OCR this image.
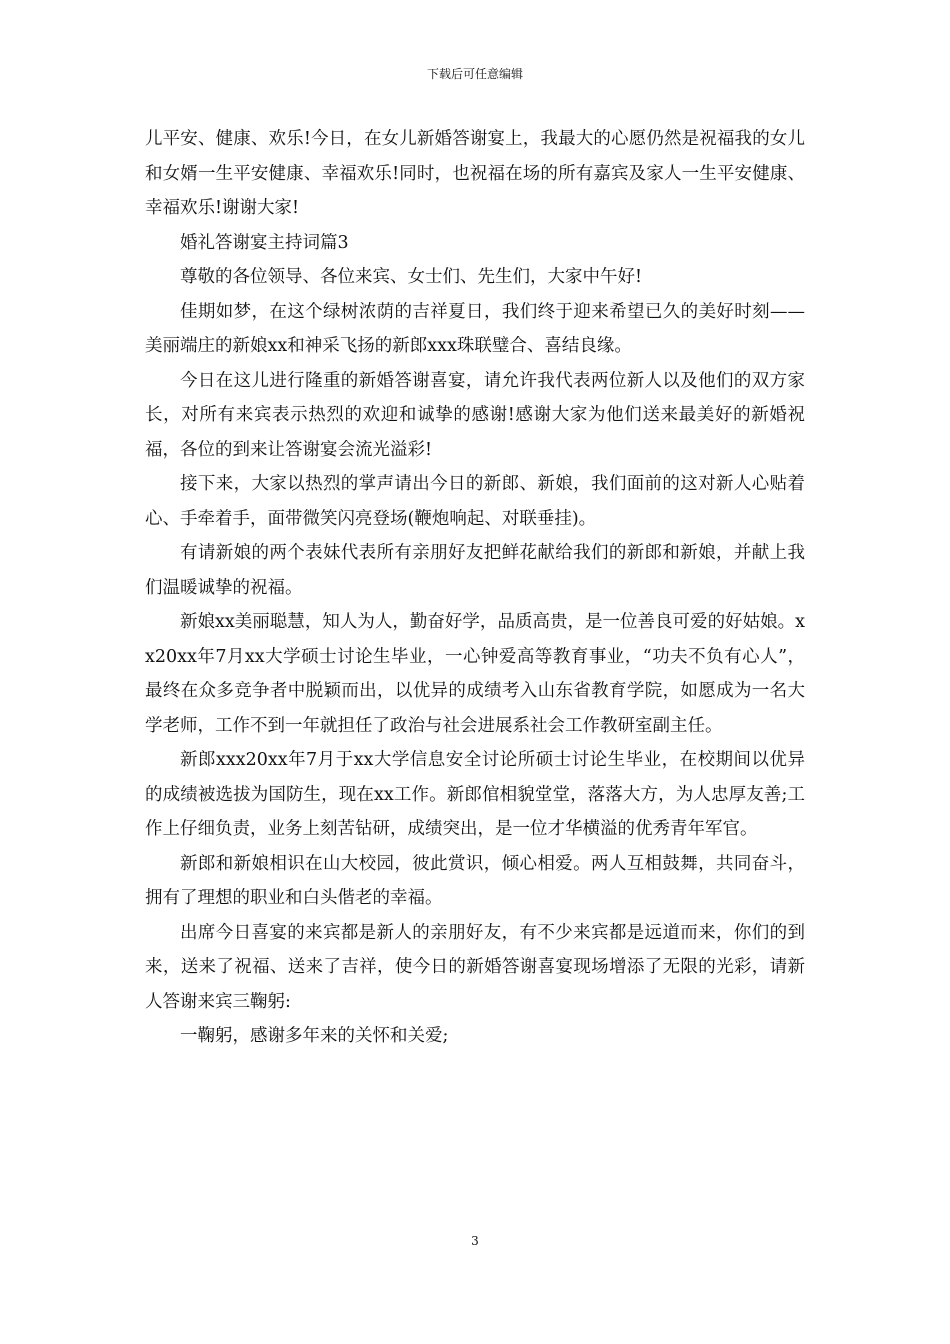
下载后可任意编辑

儿平安、健康、欢乐!今日，在女儿新婚答谢宴上，我最大的心愿仍然是祝福我的女儿和女婿一生平安健康、幸福欢乐!同时，也祝福在场的所有嘉宾及家人一生平安健康、幸福欢乐!谢谢大家!

婚礼答谢宴主持词篇3

尊敬的各位领导、各位来宾、女士们、先生们，大家中午好!

佳期如梦，在这个绿树浓荫的吉祥夏日，我们终于迎来希望已久的美好时刻——美丽端庄的新娘xx和神采飞扬的新郎xxx珠联璧合、喜结良缘。

今日在这儿进行隆重的新婚答谢喜宴，请允许我代表两位新人以及他们的双方家长，对所有来宾表示热烈的欢迎和诚挚的感谢!感谢大家为他们送来最美好的新婚祝福，各位的到来让答谢宴会流光溢彩!

接下来，大家以热烈的掌声请出今日的新郎、新娘，我们面前的这对新人心贴着心、手牵着手，面带微笑闪亮登场(鞭炮响起、对联垂挂)。

有请新娘的两个表妹代表所有亲朋好友把鲜花献给我们的新郎和新娘，并献上我们温暖诚挚的祝福。

新娘xx美丽聪慧，知人为人，勤奋好学，品质高贵，是一位善良可爱的好姑娘。xx20xx年7月xx大学硕士讨论生毕业，一心钟爱高等教育事业，“功夫不负有心人”，最终在众多竞争者中脱颖而出，以优异的成绩考入山东省教育学院，如愿成为一名大学老师，工作不到一年就担任了政治与社会进展系社会工作教研室副主任。

新郎xxx20xx年7月于xx大学信息安全讨论所硕士讨论生毕业，在校期间以优异的成绩被选拔为国防生，现在xx工作。新郎倌相貌堂堂，落落大方，为人忠厚友善;工作上仔细负责，业务上刻苦钻研，成绩突出，是一位才华横溢的优秀青年军官。

新郎和新娘相识在山大校园，彼此赏识，倾心相爱。两人互相鼓舞，共同奋斗，拥有了理想的职业和白头偕老的幸福。

出席今日喜宴的来宾都是新人的亲朋好友，有不少来宾都是远道而来，你们的到来，送来了祝福、送来了吉祥，使今日的新婚答谢喜宴现场增添了无限的光彩，请新人答谢来宾三鞠躬:

一鞠躬，感谢多年来的关怀和关爱;

3
